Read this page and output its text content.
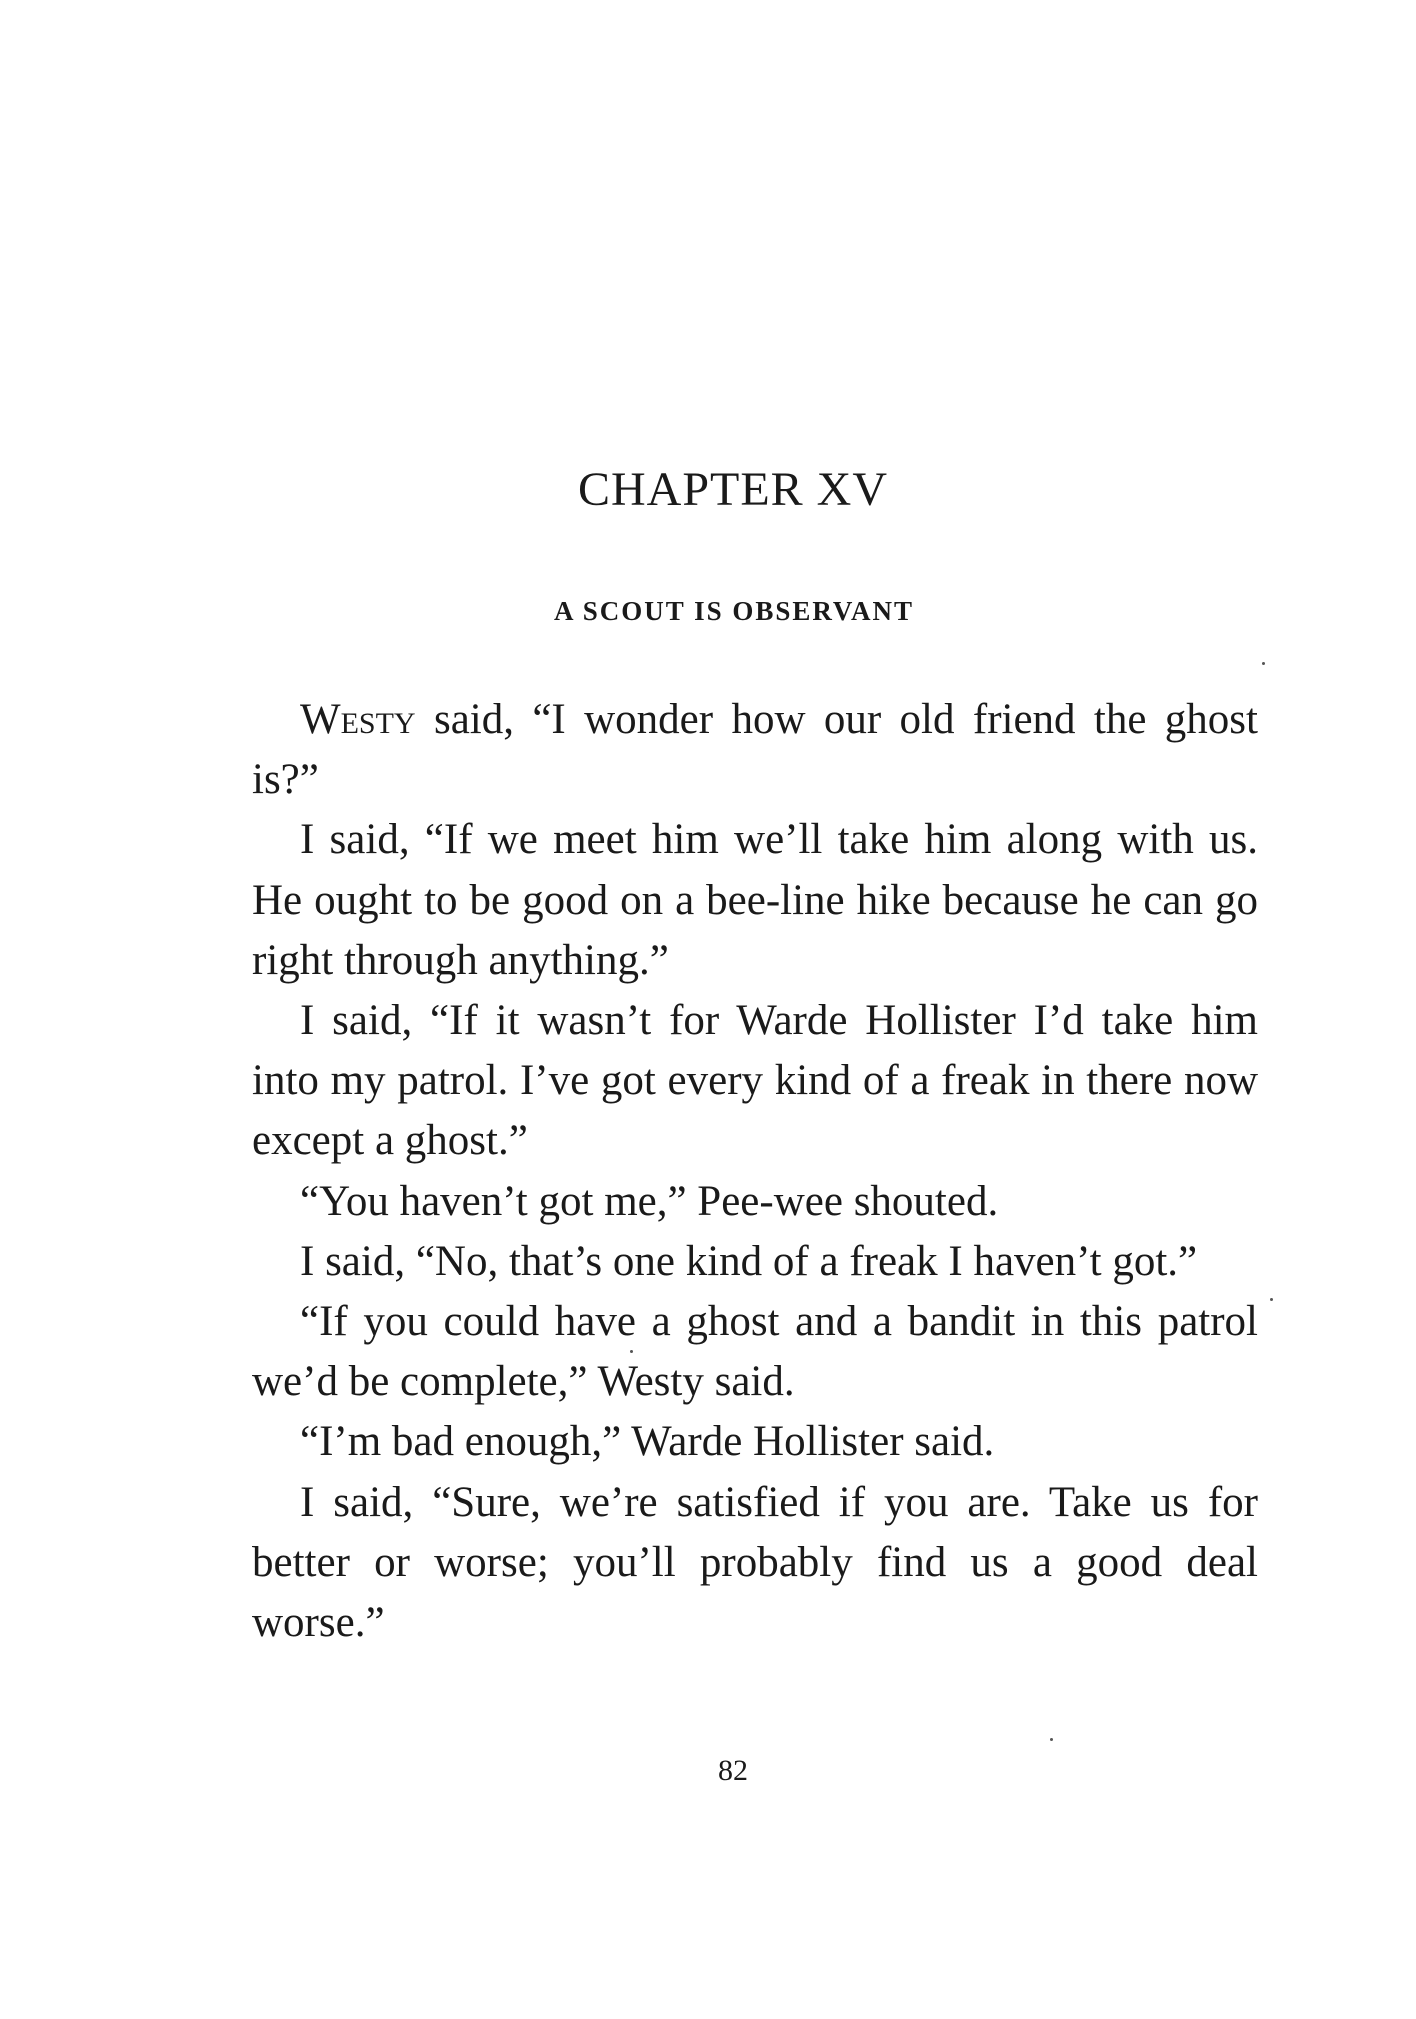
CHAPTER XV
A SCOUT IS OBSERVANT

Westy said, “I wonder how our old friend the ghost is?”

I said, “If we meet him we’ll take him along with us. He ought to be good on a bee-line hike because he can go right through anything.”

I said, “If it wasn’t for Warde Hollister I’d take him into my patrol. I’ve got every kind of a freak in there now except a ghost.”

“You haven’t got me,” Pee-wee shouted.

I said, “No, that’s one kind of a freak I haven’t got.”

“If you could have a ghost and a bandit in this patrol we’d be complete,” Westy said.

“I’m bad enough,” Warde Hollister said.

I said, “Sure, we’re satisfied if you are. Take us for better or worse; you’ll probably find us a good deal worse.”

82
